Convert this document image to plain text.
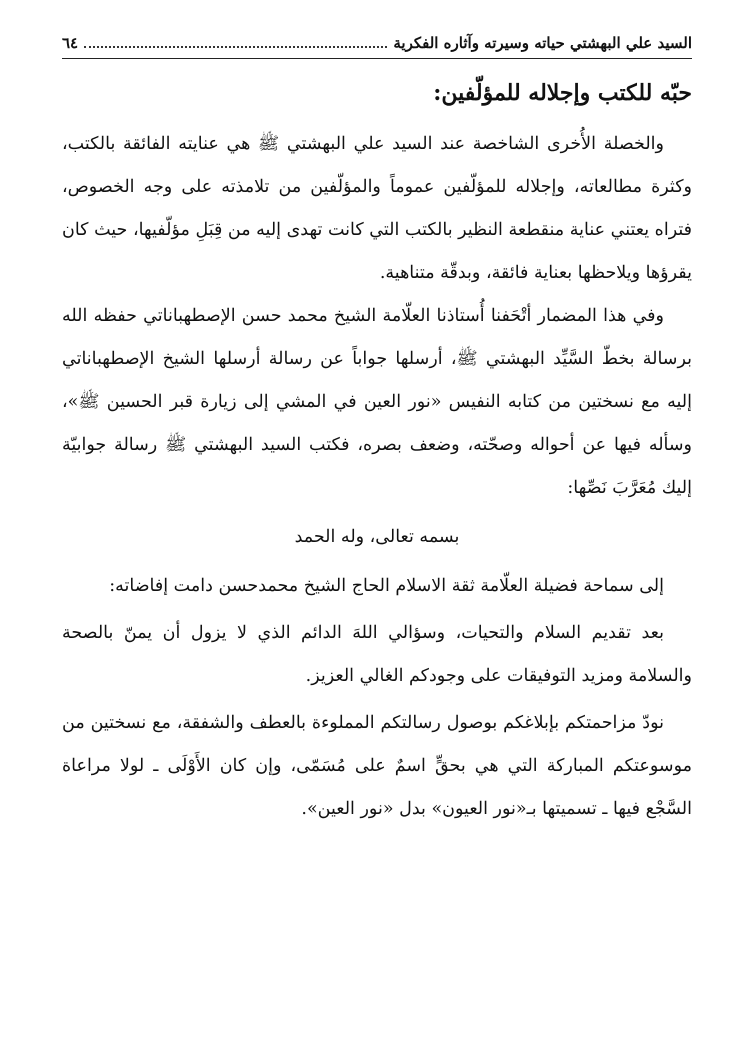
السيد علي البهشتي حياته وسيرته وآثاره الفكرية
٦٤
حبّه للكتب وإجلاله للمؤلّفين:

والخصلة الأُخرى الشاخصة عند السيد علي البهشتي ﷺ هي عنايته الفائقة بالكتب، وكثرة مطالعاته، وإجلاله للمؤلّفين عموماً والمؤلّفين من تلامذته على وجه الخصوص، فتراه يعتني عناية منقطعة النظير بالكتب التي كانت تهدى إليه من قِبَلِ مؤلّفيها، حيث كان يقرؤها ويلاحظها بعناية فائقة، وبدقّة متناهية.

وفي هذا المضمار أتْحَفنا أُستاذنا العلّامة الشيخ محمد حسن الإصطهباناتي حفظه الله برسالة بخطّ السَّيِّد البهشتي ﷺ، أرسلها جواباً عن رسالة أرسلها الشيخ الإصطهباناتي إليه مع نسختين من كتابه النفيس «نور العين في المشي إلى زيارة قبر الحسين ﷺ»، وسأله فيها عن أحواله وصحّته، وضعف بصره، فكتب السيد البهشتي ﷺ رسالة جوابيّة إليك مُعَرَّبَ نَصِّها:

بسمه تعالى، وله الحمد

إلى سماحة فضيلة العلّامة ثقة الاسلام الحاج الشيخ محمدحسن دامت إفاضاته:

بعد تقديم السلام والتحيات، وسؤالي اللهَ الدائم الذي لا يزول أن يمنّ بالصحة والسلامة ومزيد التوفيقات على وجودكم الغالي العزيز.

نودّ مزاحمتكم بإبلاغكم بوصول رسالتكم المملوءة بالعطف والشفقة، مع نسختين من موسوعتكم المباركة التي هي بحقٍّ اسمٌ على مُسَمّى، وإن كان الأَوْلَى ـ لولا مراعاة السَّجْع فيها ـ تسميتها بـ«نور العيون» بدل «نور العين».
